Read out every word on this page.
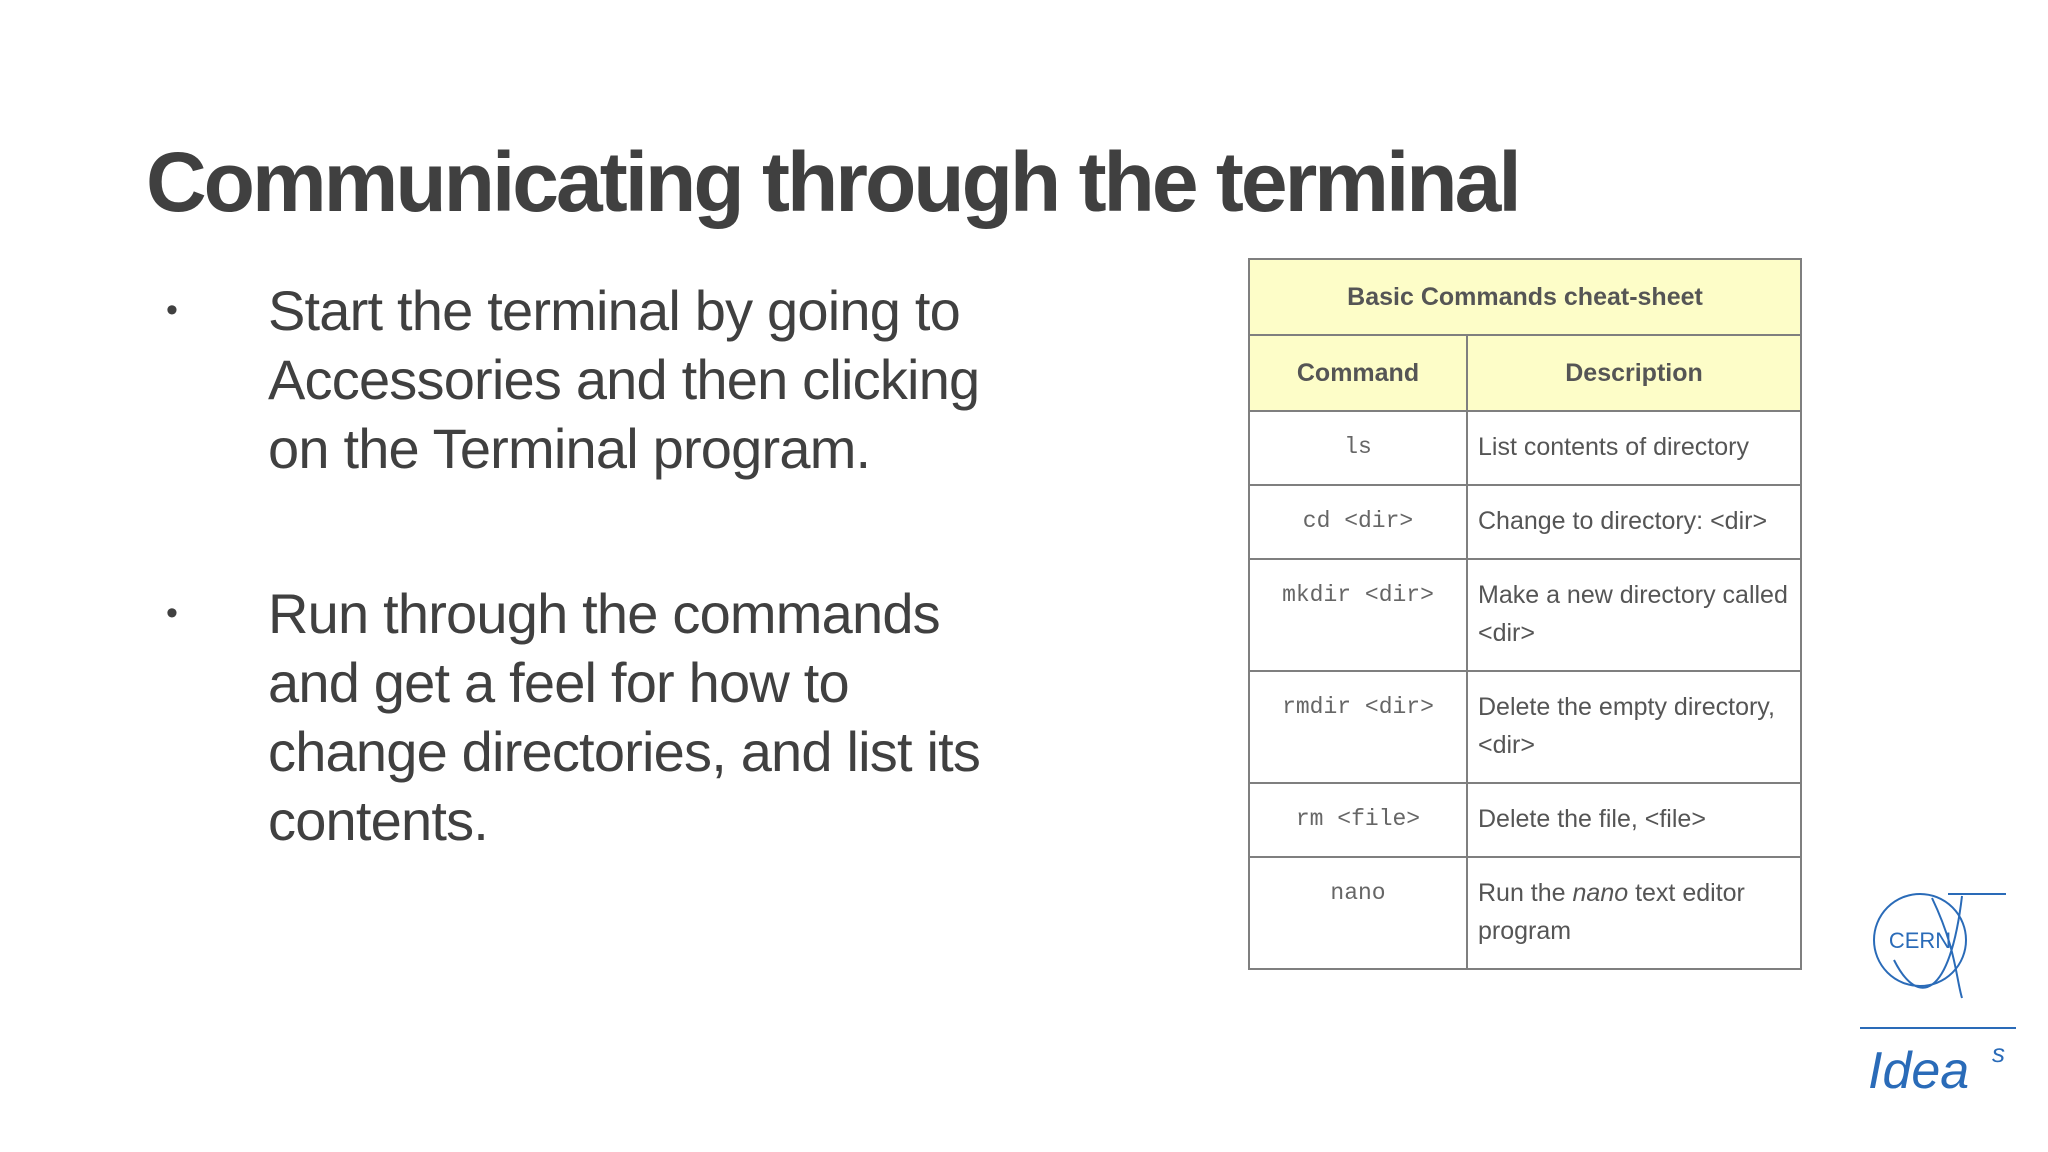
Communicating through the terminal
• Start the terminal by going to Accessories and then clicking on the Terminal program.
• Run through the commands and get a feel for how to change directories, and list its contents.
Basic Commands cheat-sheet	
Command	Description
ls	List contents of directory
cd <dir>	Change to directory: <dir>
mkdir <dir>	Make a new directory called <dir>
rmdir <dir>	Delete the empty directory, <dir>
rm <file>	Delete the file, <file>
nano	Run the nano text editor program	CERN
Idea s
